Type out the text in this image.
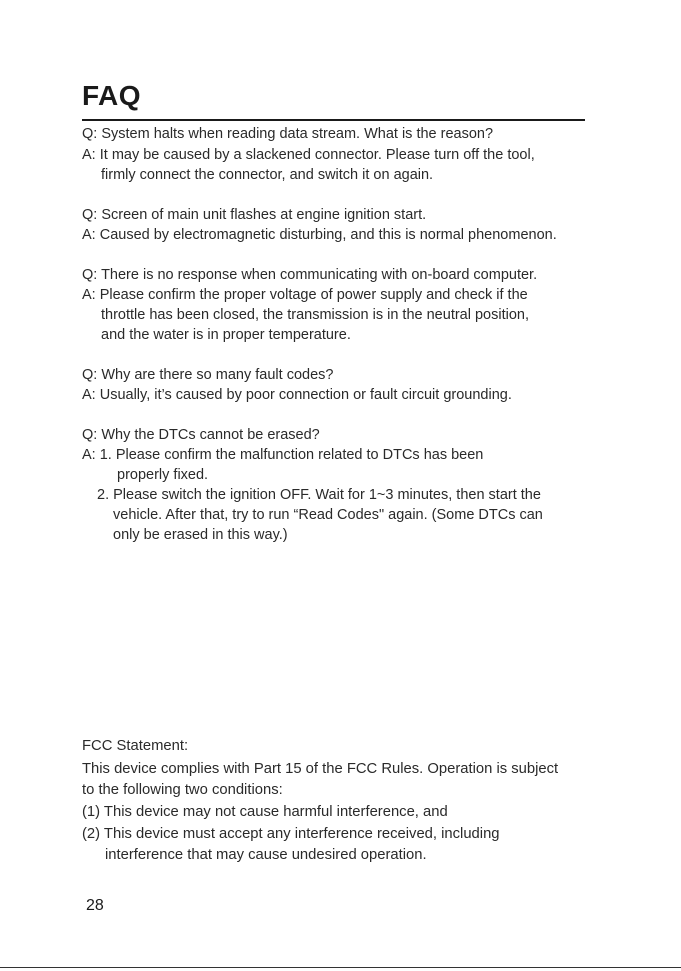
FAQ
Q: System halts when reading data stream. What is the reason?
A: It may be caused by a slackened connector. Please turn off the tool,
firmly connect the connector, and switch it on again.
Q: Screen of main unit flashes at engine ignition start.
A: Caused by electromagnetic disturbing, and this is normal phenomenon.
Q: There is no response when communicating with on-board computer.
A: Please confirm the proper voltage of power supply and check if the
throttle has been closed, the transmission is in the neutral position,
and the water is in proper temperature.
Q: Why are there so many fault codes?
A: Usually, it’s caused by poor connection or fault circuit grounding.
Q: Why the DTCs cannot be erased?
A: 1. Please confirm the malfunction related to DTCs has been
properly fixed.
2. Please switch the ignition OFF. Wait for 1~3 minutes, then start the
vehicle. After that, try to run “Read Codes" again. (Some DTCs can
only be erased in this way.)
FCC Statement:
This device complies with Part 15 of the FCC Rules. Operation is subject
to the following two conditions:
(1) This device may not cause harmful interference, and
(2) This device must accept any interference received, including
interference that may cause undesired operation.
28
